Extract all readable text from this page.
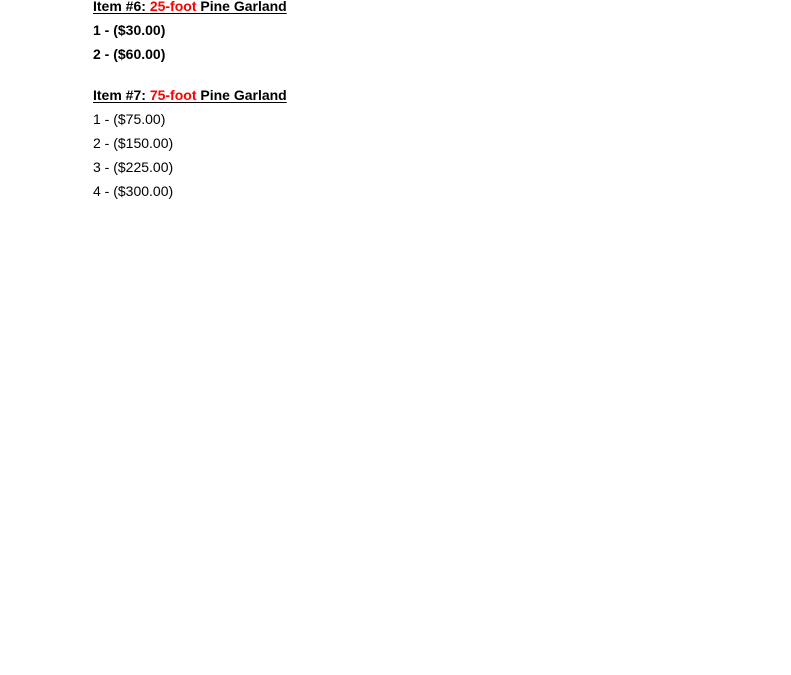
Item #6: 25-foot Pine Garland
1 - ($30.00)
2 - ($60.00)
Item #7: 75-foot Pine Garland
1 - ($75.00)
2 - ($150.00)
3 - ($225.00)
4 - ($300.00)
